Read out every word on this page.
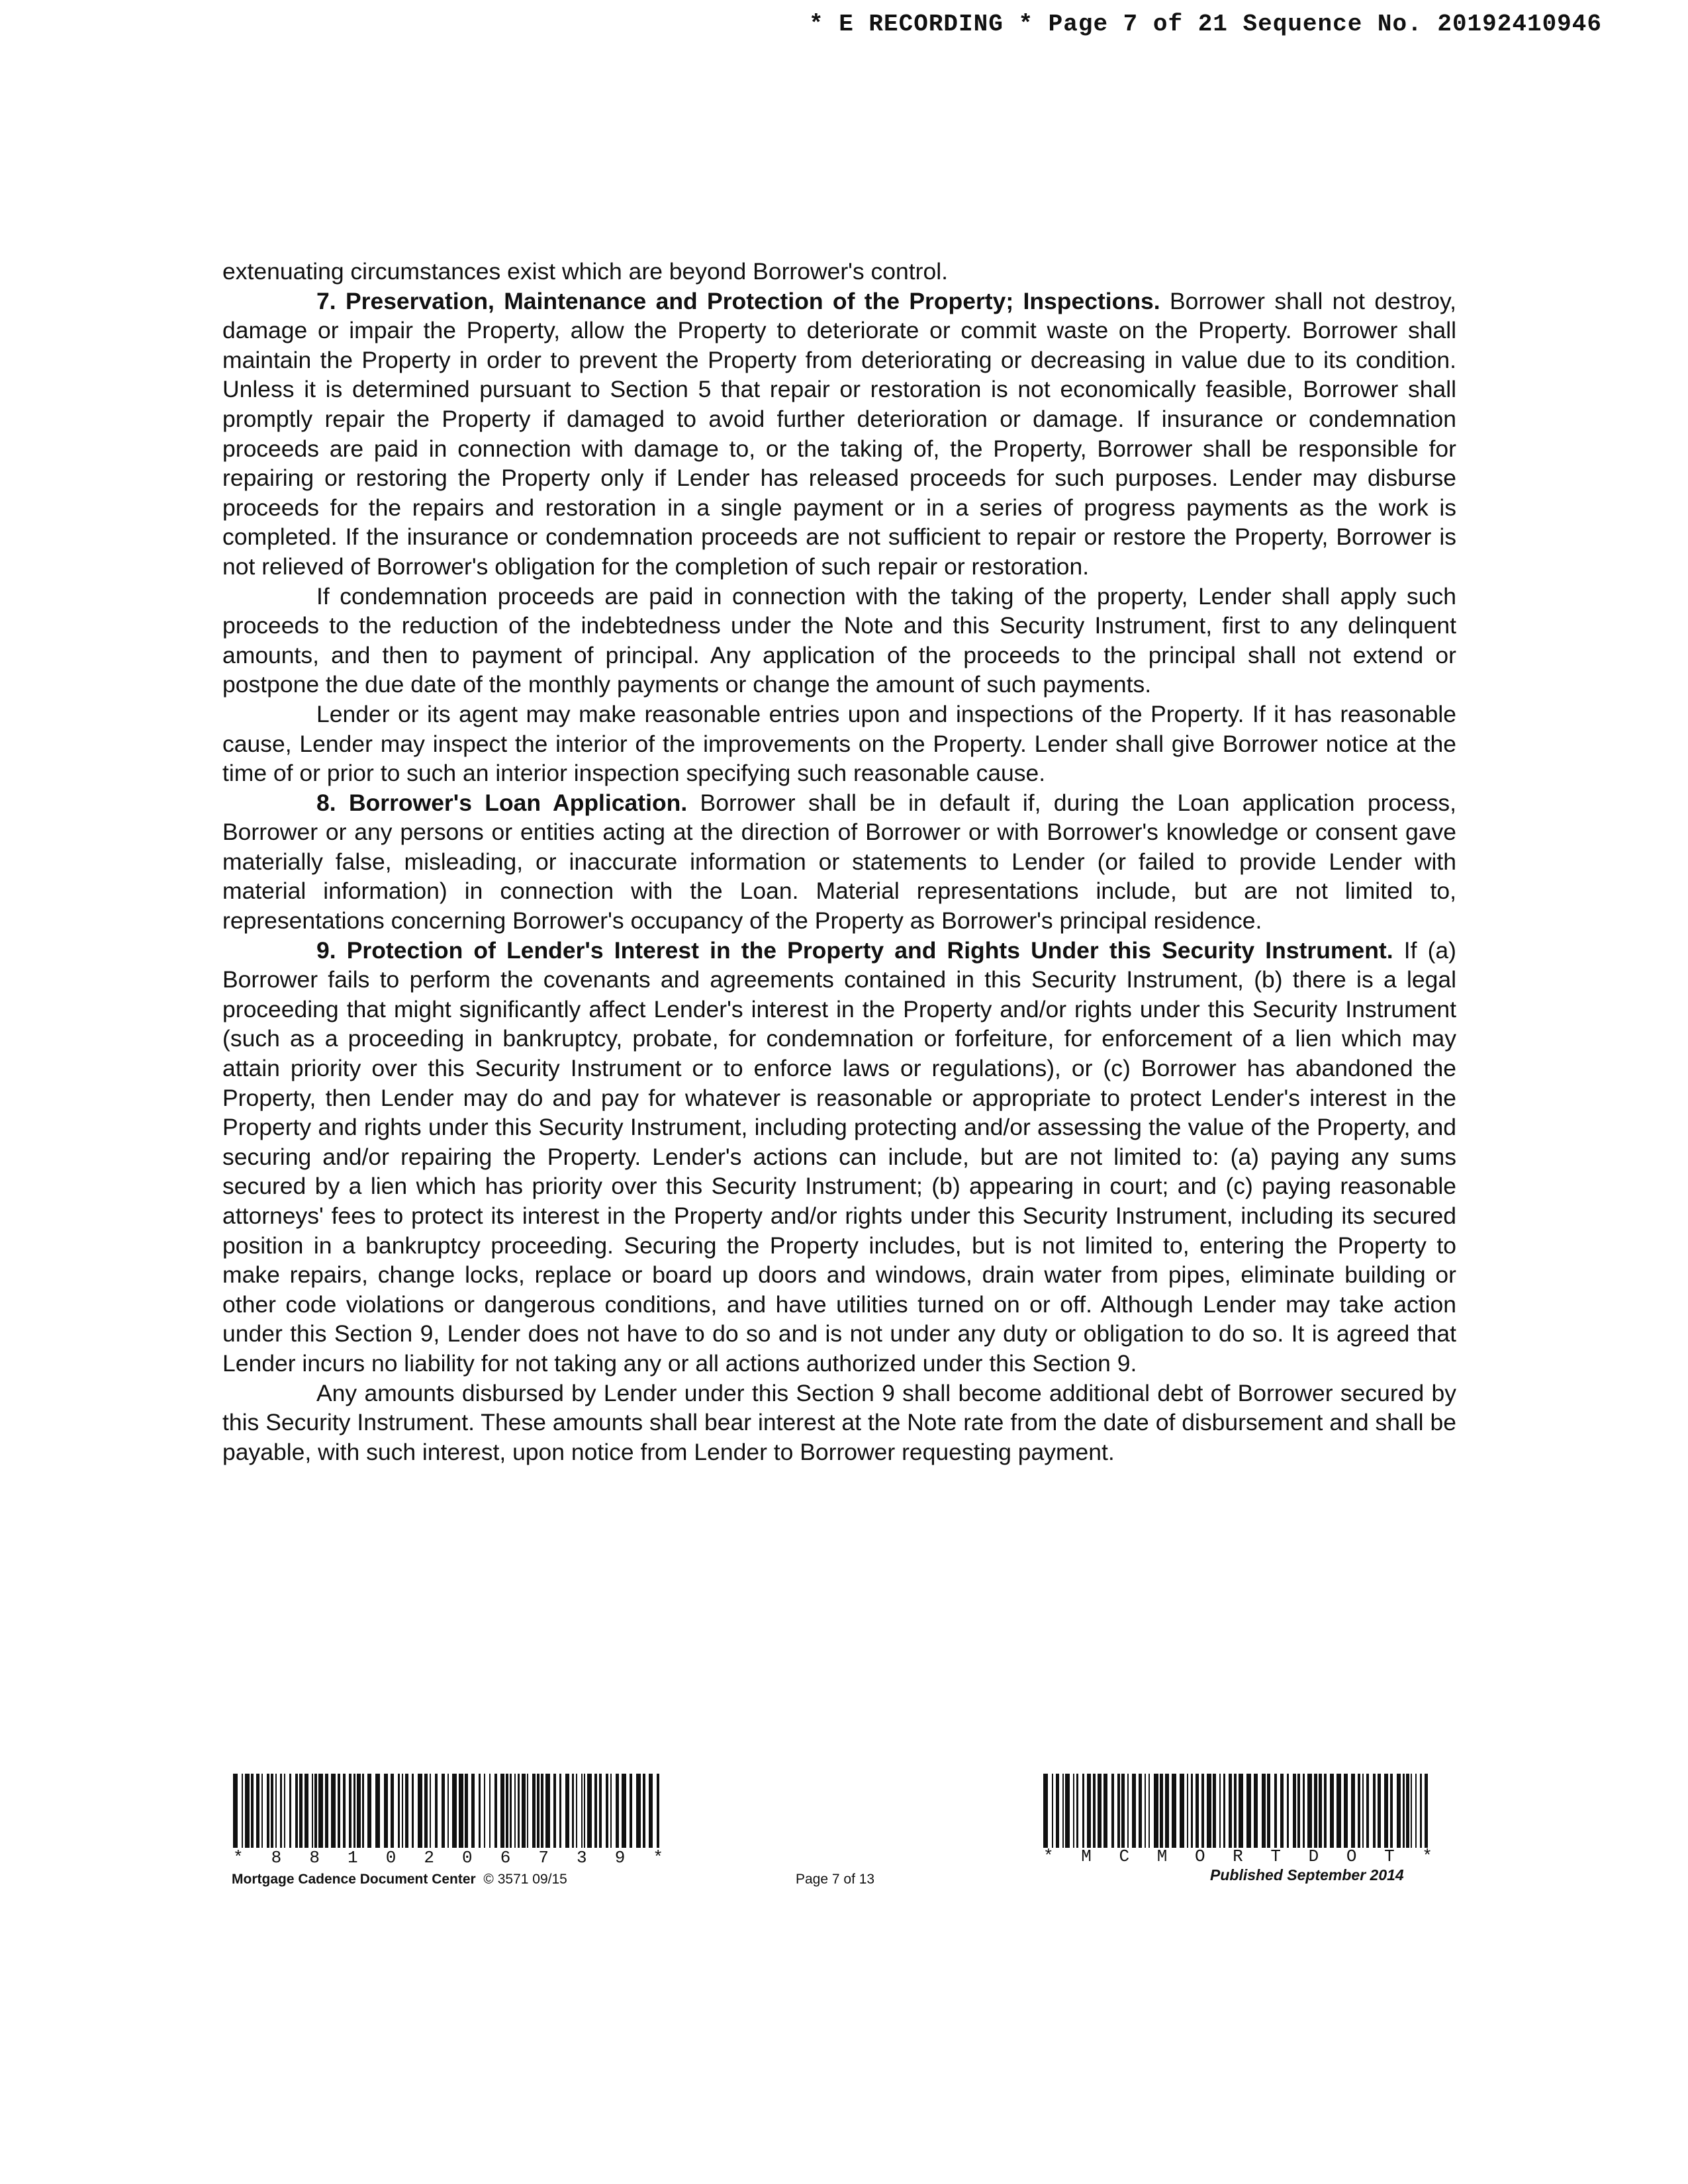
* E RECORDING * Page 7 of 21 Sequence No. 20192410946

extenuating circumstances exist which are beyond Borrower's control.

7. Preservation, Maintenance and Protection of the Property; Inspections. Borrower shall not destroy, damage or impair the Property, allow the Property to deteriorate or commit waste on the Property. Borrower shall maintain the Property in order to prevent the Property from deteriorating or decreasing in value due to its condition. Unless it is determined pursuant to Section 5 that repair or restoration is not economically feasible, Borrower shall promptly repair the Property if damaged to avoid further deterioration or damage. If insurance or condemnation proceeds are paid in connection with damage to, or the taking of, the Property, Borrower shall be responsible for repairing or restoring the Property only if Lender has released proceeds for such purposes. Lender may disburse proceeds for the repairs and restoration in a single payment or in a series of progress payments as the work is completed. If the insurance or condemnation proceeds are not sufficient to repair or restore the Property, Borrower is not relieved of Borrower's obligation for the completion of such repair or restoration.

If condemnation proceeds are paid in connection with the taking of the property, Lender shall apply such proceeds to the reduction of the indebtedness under the Note and this Security Instrument, first to any delinquent amounts, and then to payment of principal. Any application of the proceeds to the principal shall not extend or postpone the due date of the monthly payments or change the amount of such payments.

Lender or its agent may make reasonable entries upon and inspections of the Property. If it has reasonable cause, Lender may inspect the interior of the improvements on the Property. Lender shall give Borrower notice at the time of or prior to such an interior inspection specifying such reasonable cause.

8. Borrower's Loan Application. Borrower shall be in default if, during the Loan application process, Borrower or any persons or entities acting at the direction of Borrower or with Borrower's knowledge or consent gave materially false, misleading, or inaccurate information or statements to Lender (or failed to provide Lender with material information) in connection with the Loan. Material representations include, but are not limited to, representations concerning Borrower's occupancy of the Property as Borrower's principal residence.

9. Protection of Lender's Interest in the Property and Rights Under this Security Instrument. If (a) Borrower fails to perform the covenants and agreements contained in this Security Instrument, (b) there is a legal proceeding that might significantly affect Lender's interest in the Property and/or rights under this Security Instrument (such as a proceeding in bankruptcy, probate, for condemnation or forfeiture, for enforcement of a lien which may attain priority over this Security Instrument or to enforce laws or regulations), or (c) Borrower has abandoned the Property, then Lender may do and pay for whatever is reasonable or appropriate to protect Lender's interest in the Property and rights under this Security Instrument, including protecting and/or assessing the value of the Property, and securing and/or repairing the Property. Lender's actions can include, but are not limited to: (a) paying any sums secured by a lien which has priority over this Security Instrument; (b) appearing in court; and (c) paying reasonable attorneys' fees to protect its interest in the Property and/or rights under this Security Instrument, including its secured position in a bankruptcy proceeding. Securing the Property includes, but is not limited to, entering the Property to make repairs, change locks, replace or board up doors and windows, drain water from pipes, eliminate building or other code violations or dangerous conditions, and have utilities turned on or off. Although Lender may take action under this Section 9, Lender does not have to do so and is not under any duty or obligation to do so. It is agreed that Lender incurs no liability for not taking any or all actions authorized under this Section 9.

Any amounts disbursed by Lender under this Section 9 shall become additional debt of Borrower secured by this Security Instrument. These amounts shall bear interest at the Note rate from the date of disbursement and shall be payable, with such interest, upon notice from Lender to Borrower requesting payment.

* 8 8 1 0 2 0 6 7 3 9 *
Mortgage Cadence Document Center © 3571 09/15	Page 7 of 13
* M C M O R T D O T *
Published September 2014
